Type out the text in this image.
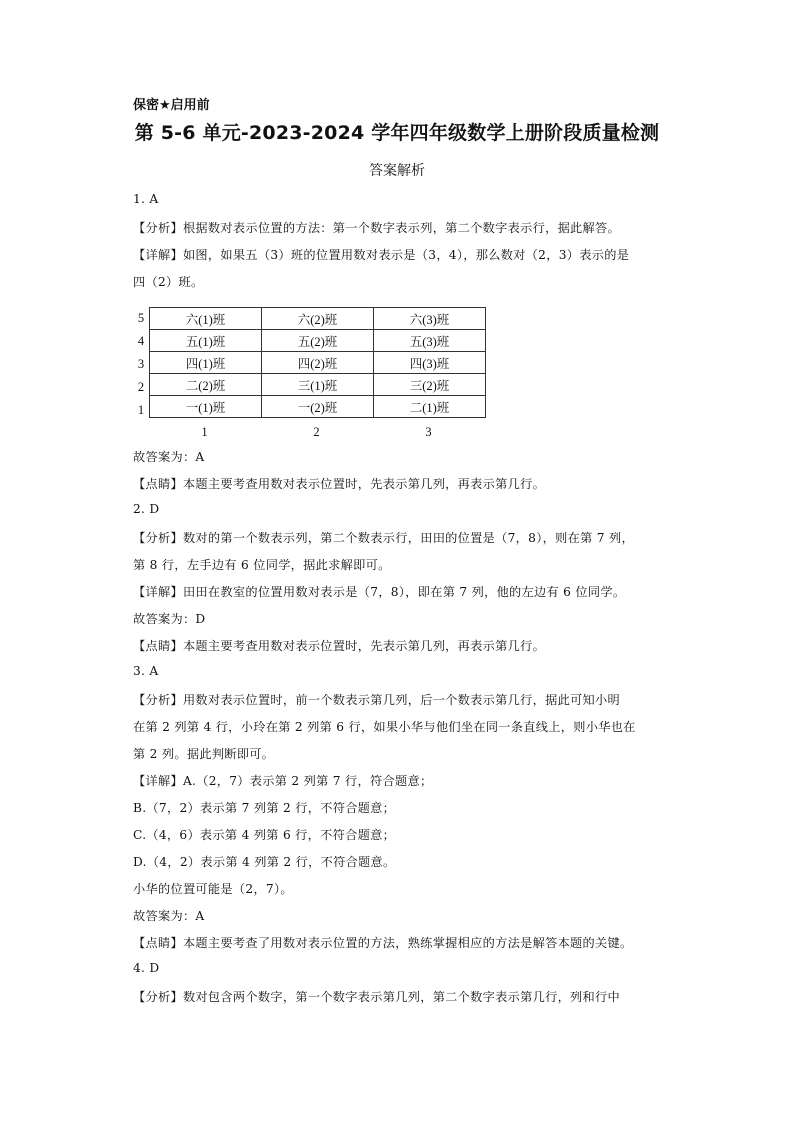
保密★启用前
第 5-6 单元-2023-2024 学年四年级数学上册阶段质量检测
答案解析
1. A
【分析】根据数对表示位置的方法：第一个数字表示列，第二个数字表示行，据此解答。
【详解】如图，如果五（3）班的位置用数对表示是（3，4），那么数对（2，3）表示的是
四（2）班。
5
4
3
2
1
六(1)班	六(2)班	六(3)班
五(1)班	五(2)班	五(3)班
四(1)班	四(2)班	四(3)班
二(2)班	三(1)班	三(2)班
一(1)班	一(2)班	二(1)班
1	2	3
故答案为：A
【点睛】本题主要考查用数对表示位置时，先表示第几列，再表示第几行。
2. D
【分析】数对的第一个数表示列，第二个数表示行，田田的位置是（7，8），则在第 7 列，
第 8 行，左手边有 6 位同学，据此求解即可。
【详解】田田在教室的位置用数对表示是（7，8），即在第 7 列，他的左边有 6 位同学。
故答案为：D
【点睛】本题主要考查用数对表示位置时，先表示第几列，再表示第几行。
3. A
【分析】用数对表示位置时，前一个数表示第几列，后一个数表示第几行，据此可知小明
在第 2 列第 4 行，小玲在第 2 列第 6 行，如果小华与他们坐在同一条直线上，则小华也在
第 2 列。据此判断即可。
【详解】A.（2，7）表示第 2 列第 7 行，符合题意；
B.（7，2）表示第 7 列第 2 行，不符合题意；
C.（4，6）表示第 4 列第 6 行，不符合题意；
D.（4，2）表示第 4 列第 2 行，不符合题意。
小华的位置可能是（2，7）。
故答案为：A
【点睛】本题主要考查了用数对表示位置的方法，熟练掌握相应的方法是解答本题的关键。
4. D
【分析】数对包含两个数字，第一个数字表示第几列，第二个数字表示第几行，列和行中
